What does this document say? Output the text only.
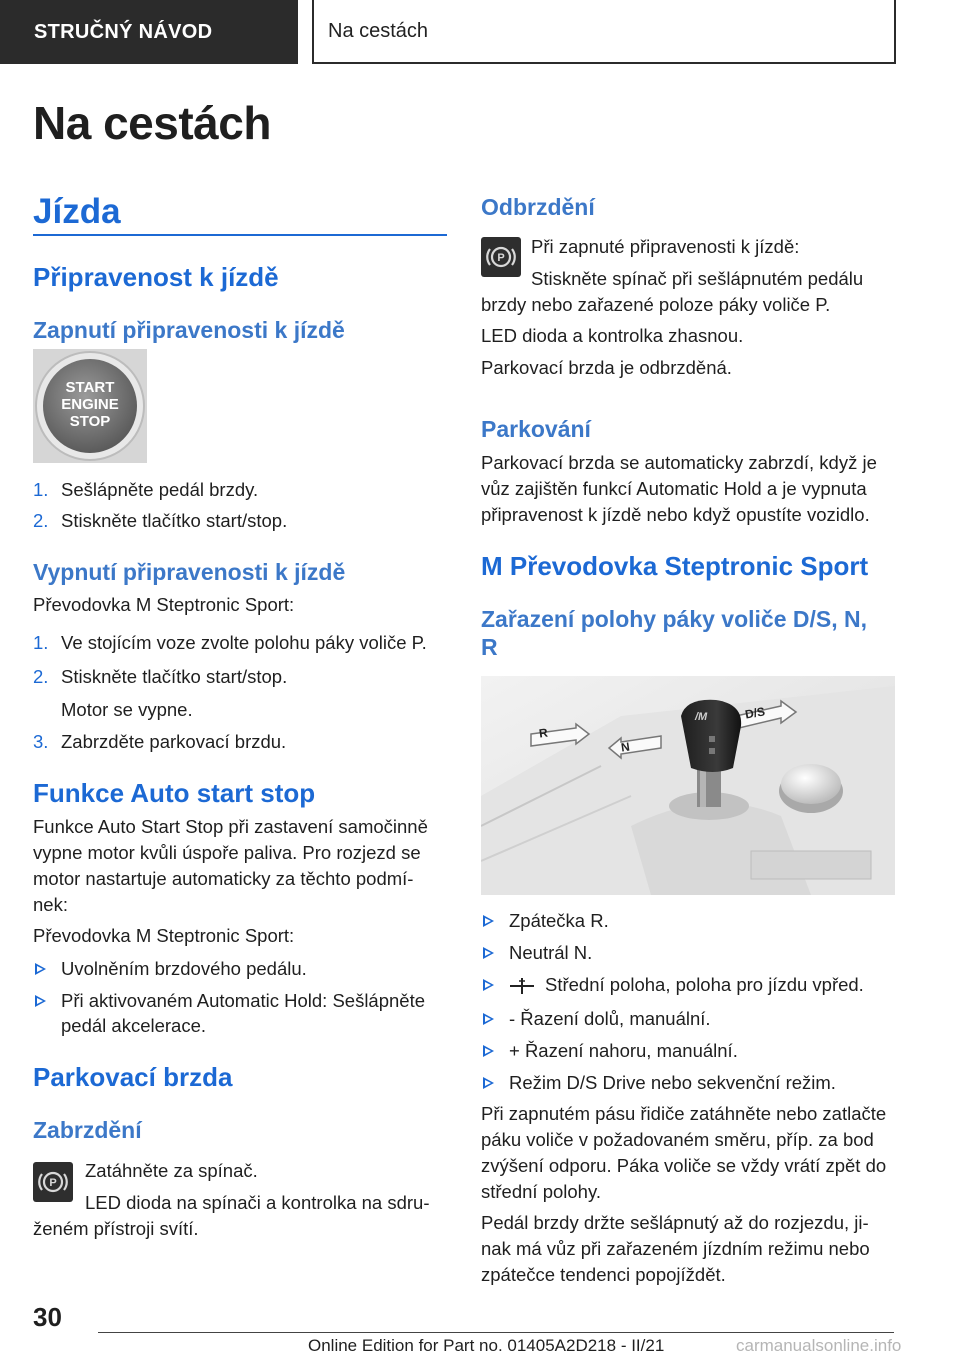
STRUČNÝ NÁVOD	Na cestách
Na cestách
Jízda
Připravenost k jízdě
Zapnutí připravenosti k jízdě
START
ENGINE
STOP
1. Sešlápněte pedál brzdy.
2. Stiskněte tlačítko start/stop.
Vypnutí připravenosti k jízdě

Převodovka M Steptronic Sport:

1. Ve stojícím voze zvolte polohu páky voliče P.
2. Stiskněte tlačítko start/stop.
Motor se vypne.
3. Zabrzděte parkovací brzdu.
Funkce Auto start stop

Funkce Auto Start Stop při zastavení samočinně

vypne motor kvůli úspoře paliva. Pro rozjezd se

motor nastartuje automaticky za těchto podmí‐

nek:

Převodovka M Steptronic Sport:

Uvolněním brzdového pedálu.
Při aktivovaném Automatic Hold: Sešlápněte
pedál akcelerace.
Parkovací brzda
Zabrzdění
P

Zatáhněte za spínač.

LED dioda na spínači a kontrolka na sdru‐

ženém přístroji svítí.

Odbrzdění
P

Při zapnuté připravenosti k jízdě:

Stiskněte spínač při sešlápnutém pedálu

brzdy nebo zařazené poloze páky voliče P.

LED dioda a kontrolka zhasnou.

Parkovací brzda je odbrzděná.

Parkování

Parkovací brzda se automaticky zabrzdí, když je

vůz zajištěn funkcí Automatic Hold a je vypnuta

připravenost k jízdě nebo když opustíte vozidlo.

M Převodovka Steptronic Sport
Zařazení polohy páky voliče D/S, N,
R
/M
R
N
D/S
Zpátečka R.
Neutrál N.
Střední poloha, poloha pro jízdu vpřed.
- Řazení dolů, manuální.
+ Řazení nahoru, manuální.
Režim D/S Drive nebo sekvenční režim.

Při zapnutém pásu řidiče zatáhněte nebo zatlačte

páku voliče v požadovaném směru, příp. za bod

zvýšení odporu. Páka voliče se vždy vrátí zpět do

střední polohy.

Pedál brzdy držte sešlápnutý až do rozjezdu, ji‐

nak má vůz při zařazeném jízdním režimu nebo

zpátečce tendenci popojíždět.

30
Online Edition for Part no. 01405A2D218 - II/21	carmanualsonline.info
